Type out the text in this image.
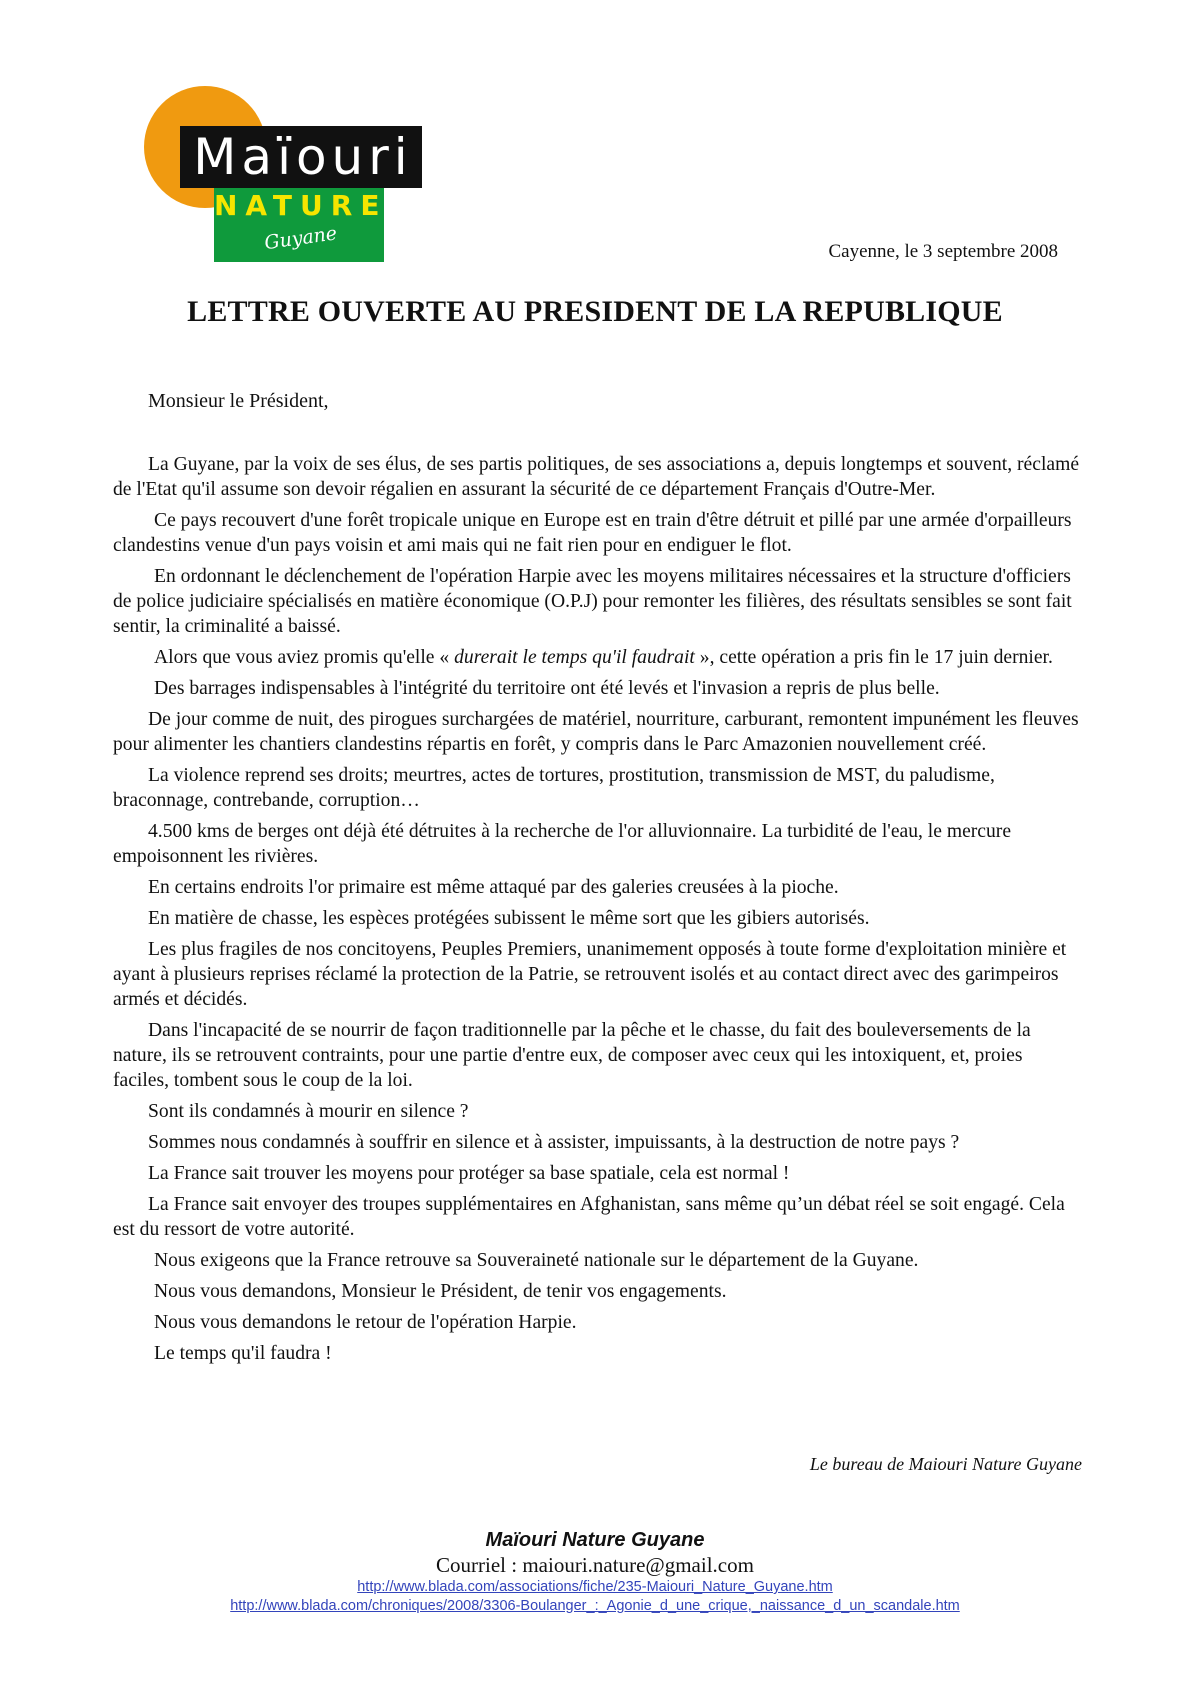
Maïouri
NATURE
Guyane	Cayenne, le 3 septembre 2008
LETTRE OUVERTE AU PRESIDENT DE LA REPUBLIQUE
Monsieur le Président,

La Guyane, par la voix de ses élus, de ses partis politiques, de ses associations a, depuis longtemps et souvent, réclamé de l'Etat qu'il assume son devoir régalien en assurant la sécurité de ce département Français d'Outre-Mer.

Ce pays recouvert d'une forêt tropicale unique en Europe est en train d'être détruit et pillé par une armée d'orpailleurs clandestins venue d'un pays voisin et ami mais qui ne fait rien pour en endiguer le flot.

En ordonnant le déclenchement de l'opération Harpie avec les moyens militaires nécessaires et la structure d'officiers de police judiciaire spécialisés en matière économique (O.P.J) pour remonter les filières, des résultats sensibles se sont fait sentir, la criminalité a baissé.

Alors que vous aviez promis qu'elle « durerait le temps qu'il faudrait », cette opération a pris fin le 17 juin dernier.

Des barrages indispensables à l'intégrité du territoire ont été levés et l'invasion a repris de plus belle.

De jour comme de nuit, des pirogues surchargées de matériel, nourriture, carburant, remontent impunément les fleuves pour alimenter les chantiers clandestins répartis en forêt, y compris dans le Parc Amazonien nouvellement créé.

La violence reprend ses droits; meurtres, actes de tortures, prostitution, transmission de MST, du paludisme, braconnage, contrebande, corruption…

4.500 kms de berges ont déjà été détruites à la recherche de l'or alluvionnaire. La turbidité de l'eau, le mercure empoisonnent les rivières.

En certains endroits l'or primaire est même attaqué par des galeries creusées à la pioche.

En matière de chasse, les espèces protégées subissent le même sort que les gibiers autorisés.

Les plus fragiles de nos concitoyens, Peuples Premiers, unanimement opposés à toute forme d'exploitation minière et ayant à plusieurs reprises réclamé la protection de la Patrie, se retrouvent isolés et au contact direct avec des garimpeiros armés et décidés.

Dans l'incapacité de se nourrir de façon traditionnelle par la pêche et le chasse, du fait des bouleversements de la nature, ils se retrouvent contraints, pour une partie d'entre eux, de composer avec ceux qui les intoxiquent, et, proies faciles, tombent sous le coup de la loi.

Sont ils condamnés à mourir en silence ?

Sommes nous condamnés à souffrir en silence et à assister, impuissants, à la destruction de notre pays ?

La France sait trouver les moyens pour protéger sa base spatiale, cela est normal !

La France sait envoyer des troupes supplémentaires en Afghanistan, sans même qu’un débat réel se soit engagé. Cela est du ressort de votre autorité.

Nous exigeons que la France retrouve sa Souveraineté nationale sur le département de la Guyane.

Nous vous demandons, Monsieur le Président, de tenir vos engagements.

Nous vous demandons le retour de l'opération Harpie.

Le temps qu'il faudra !

Le bureau de Maiouri Nature Guyane
Maïouri Nature Guyane
Courriel : maiouri.nature@gmail.com
http://www.blada.com/associations/fiche/235-Maiouri_Nature_Guyane.htm
http://www.blada.com/chroniques/2008/3306-Boulanger_:_Agonie_d_une_crique,_naissance_d_un_scandale.htm
